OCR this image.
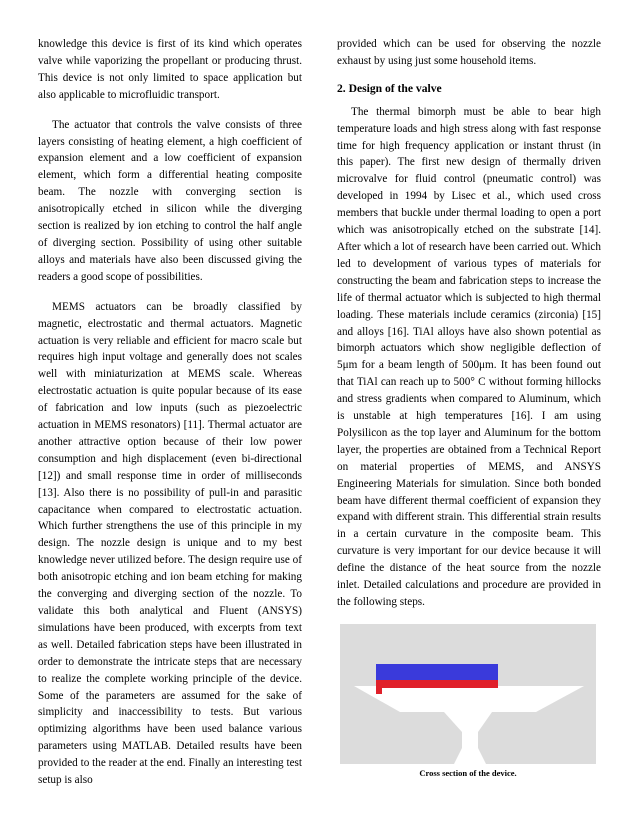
knowledge this device is first of its kind which operates valve while vaporizing the propellant or producing thrust. This device is not only limited to space application but also applicable to microfluidic transport.

The actuator that controls the valve consists of three layers consisting of heating element, a high coefficient of expansion element and a low coefficient of expansion element, which form a differential heating composite beam. The nozzle with converging section is anisotropically etched in silicon while the diverging section is realized by ion etching to control the half angle of diverging section. Possibility of using other suitable alloys and materials have also been discussed giving the readers a good scope of possibilities.

MEMS actuators can be broadly classified by magnetic, electrostatic and thermal actuators. Magnetic actuation is very reliable and efficient for macro scale but requires high input voltage and generally does not scales well with miniaturization at MEMS scale. Whereas electrostatic actuation is quite popular because of its ease of fabrication and low inputs (such as piezoelectric actuation in MEMS resonators) [11]. Thermal actuator are another attractive option because of their low power consumption and high displacement (even bi-directional [12]) and small response time in order of milliseconds [13]. Also there is no possibility of pull-in and parasitic capacitance when compared to electrostatic actuation. Which further strengthens the use of this principle in my design. The nozzle design is unique and to my best knowledge never utilized before. The design require use of both anisotropic etching and ion beam etching for making the converging and diverging section of the nozzle. To validate this both analytical and Fluent (ANSYS) simulations have been produced, with excerpts from text as well. Detailed fabrication steps have been illustrated in order to demonstrate the intricate steps that are necessary to realize the complete working principle of the device. Some of the parameters are assumed for the sake of simplicity and inaccessibility to tests. But various optimizing algorithms have been used balance various parameters using MATLAB. Detailed results have been provided to the reader at the end. Finally an interesting test setup is also

provided which can be used for observing the nozzle exhaust by using just some household items.

2. Design of the valve

The thermal bimorph must be able to bear high temperature loads and high stress along with fast response time for high frequency application or instant thrust (in this paper). The first new design of thermally driven microvalve for fluid control (pneumatic control) was developed in 1994 by Lisec et al., which used cross members that buckle under thermal loading to open a port which was anisotropically etched on the substrate [14]. After which a lot of research have been carried out. Which led to development of various types of materials for constructing the beam and fabrication steps to increase the life of thermal actuator which is subjected to high thermal loading. These materials include ceramics (zirconia) [15] and alloys [16]. TiAl alloys have also shown potential as bimorph actuators which show negligible deflection of 5μm for a beam length of 500μm. It has been found out that TiAl can reach up to 500° C without forming hillocks and stress gradients when compared to Aluminum, which is unstable at high temperatures [16]. I am using Polysilicon as the top layer and Aluminum for the bottom layer, the properties are obtained from a Technical Report on material properties of MEMS, and ANSYS Engineering Materials for simulation. Since both bonded beam have different thermal coefficient of expansion they expand with different strain. This differential strain results in a certain curvature in the composite beam. This curvature is very important for our device because it will define the distance of the heat source from the nozzle inlet. Detailed calculations and procedure are provided in the following steps.

Cross section of the device.
